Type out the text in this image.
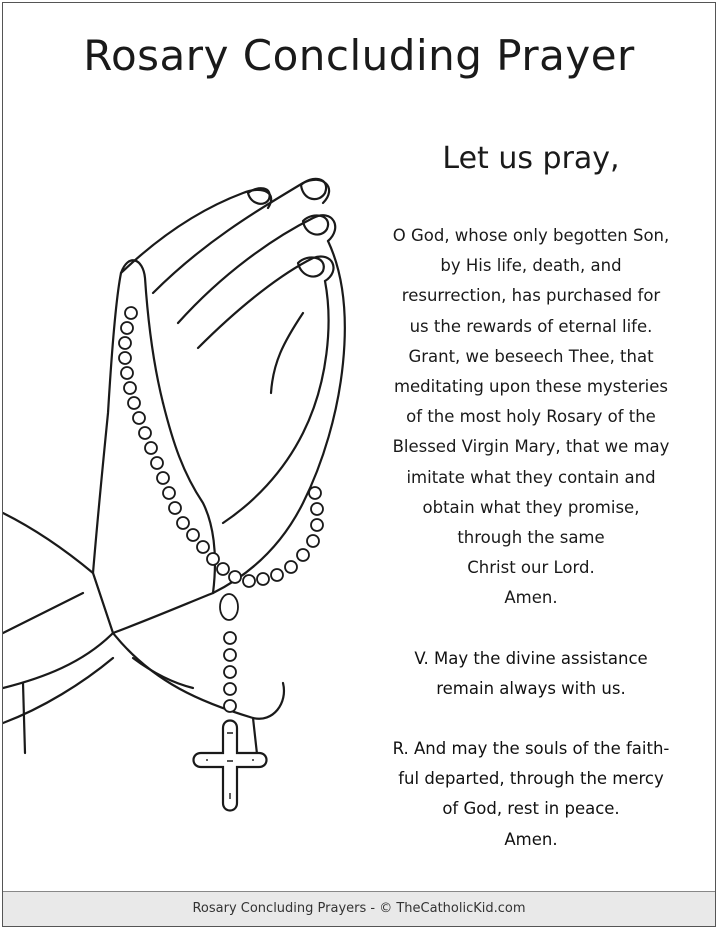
Rosary Concluding Prayer
Let us pray,
O God, whose only begotten Son,
by His life, death, and
resurrection, has purchased for
us the rewards of eternal life.
Grant, we beseech Thee, that
meditating upon these mysteries
of the most holy Rosary of the
Blessed Virgin Mary, that we may
imitate what they contain and
obtain what they promise,
through the same
Christ our Lord.
Amen.
V. May the divine assistance
remain always with us.
R. And may the souls of the faith-
ful departed, through the mercy
of God, rest in peace.
Amen.
Rosary Concluding Prayers - © TheCatholicKid.com
